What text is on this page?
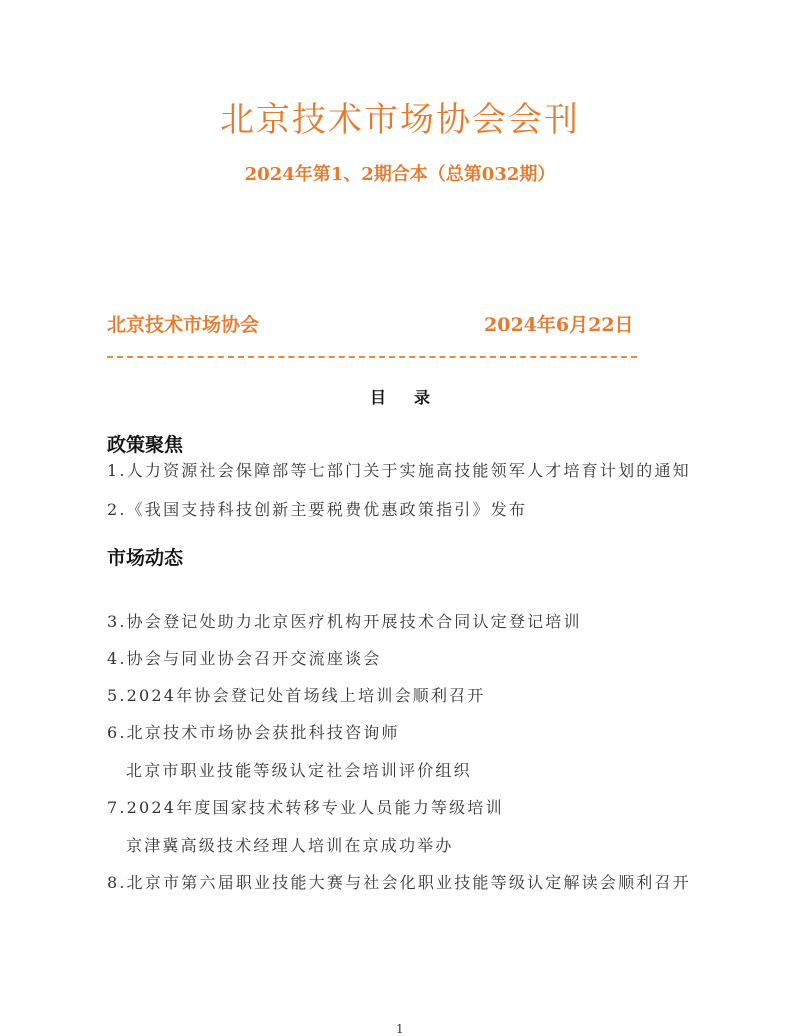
北京技术市场协会会刊
2024年第1、2期合本（总第032期）
北京技术市场协会	2024年6月22日
目录
政策聚焦
1.人力资源社会保障部等七部门关于实施高技能领军人才培育计划的通知
2.《我国支持科技创新主要税费优惠政策指引》发布
市场动态
3.协会登记处助力北京医疗机构开展技术合同认定登记培训
4.协会与同业协会召开交流座谈会
5.2024年协会登记处首场线上培训会顺利召开
6.北京技术市场协会获批科技咨询师
北京市职业技能等级认定社会培训评价组织
7.2024年度国家技术转移专业人员能力等级培训
京津冀高级技术经理人培训在京成功举办
8.北京市第六届职业技能大赛与社会化职业技能等级认定解读会顺利召开
1
